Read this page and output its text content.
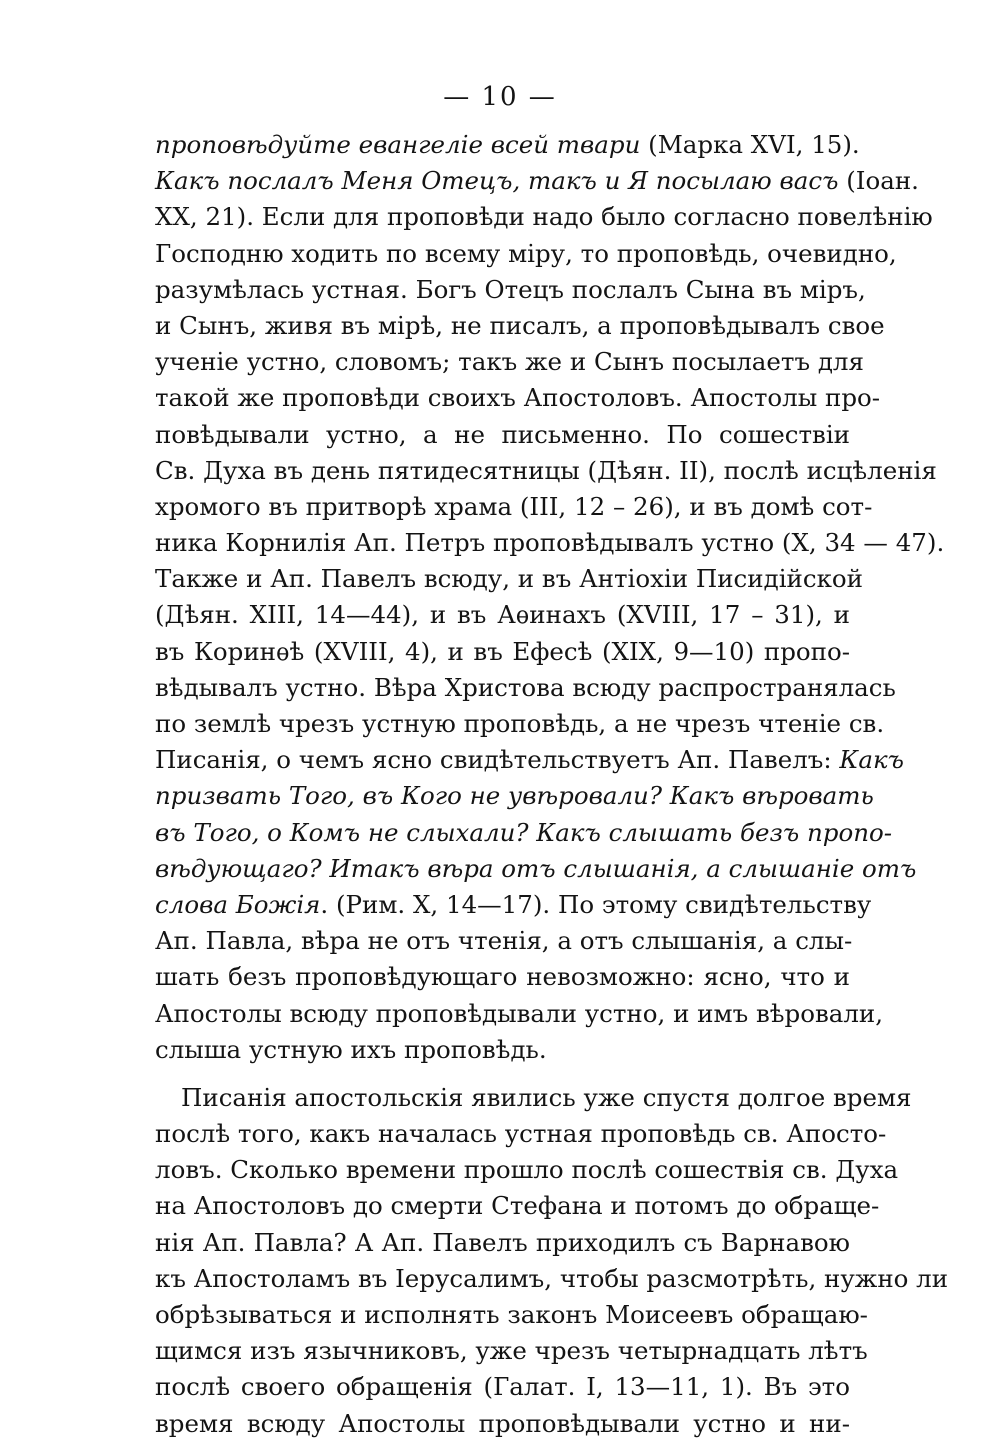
— 10 —
проповѣдуйте евангеліе всей твари (Марка XVI, 15).
Какъ послалъ Меня Отецъ, такъ и Я посылаю васъ (Іоан.
XX, 21). Если для проповѣди надо было согласно повелѣнію
Господню ходить по всему міру, то проповѣдь, очевидно,
разумѣлась устная. Богъ Отецъ послалъ Сына въ міръ,
и Сынъ, живя въ мірѣ, не писалъ, а проповѣдывалъ свое
ученіе устно, словомъ; такъ же и Сынъ посылаетъ для
такой же проповѣди своихъ Апостоловъ. Апостолы про-
повѣдывали устно, а не письменно. По сошествіи
Св. Духа въ день пятидесятницы (Дѣян. II), послѣ исцѣленія
хромого въ притворѣ храма (III, 12 – 26), и въ домѣ сот-
ника Корнилія Ап. Петръ проповѣдывалъ устно (X, 34 — 47).
Также и Ап. Павелъ всюду, и въ Антіохіи Писидійской
(Дѣян. XIII, 14—44), и въ Аѳинахъ (XVIII, 17 – 31), и
въ Коринѳѣ (XVIII, 4), и въ Ефесѣ (XIX, 9—10) пропо-
вѣдывалъ устно. Вѣра Христова всюду распространялась
по землѣ чрезъ устную проповѣдь, а не чрезъ чтеніе св.
Писанія, о чемъ ясно свидѣтельствуетъ Ап. Павелъ: Какъ
призвать Того, въ Кого не увѣровали? Какъ вѣровать
въ Того, о Комъ не слыхали? Какъ слышать безъ пропо-
вѣдующаго? Итакъ вѣра отъ слышанія, а слышаніе отъ
слова Божія. (Рим. X, 14—17). По этому свидѣтельству
Ап. Павла, вѣра не отъ чтенія, а отъ слышанія, а слы-
шать безъ проповѣдующаго невозможно: ясно, что и
Апостолы всюду проповѣдывали устно, и имъ вѣровали,
слыша устную ихъ проповѣдь.
Писанія апостольскія явились уже спустя долгое время
послѣ того, какъ началась устная проповѣдь св. Апосто-
ловъ. Сколько времени прошло послѣ сошествія св. Духа
на Апостоловъ до смерти Стефана и потомъ до обраще-
нія Ап. Павла? А Ап. Павелъ приходилъ съ Варнавою
къ Апостоламъ въ Іерусалимъ, чтобы разсмотрѣть, нужно ли
обрѣзываться и исполнять законъ Моисеевъ обращаю-
щимся изъ язычниковъ, уже чрезъ четырнадцать лѣтъ
послѣ своего обращенія (Галат. I, 13—11, 1). Въ это
время всюду Апостолы проповѣдывали устно и ни-
